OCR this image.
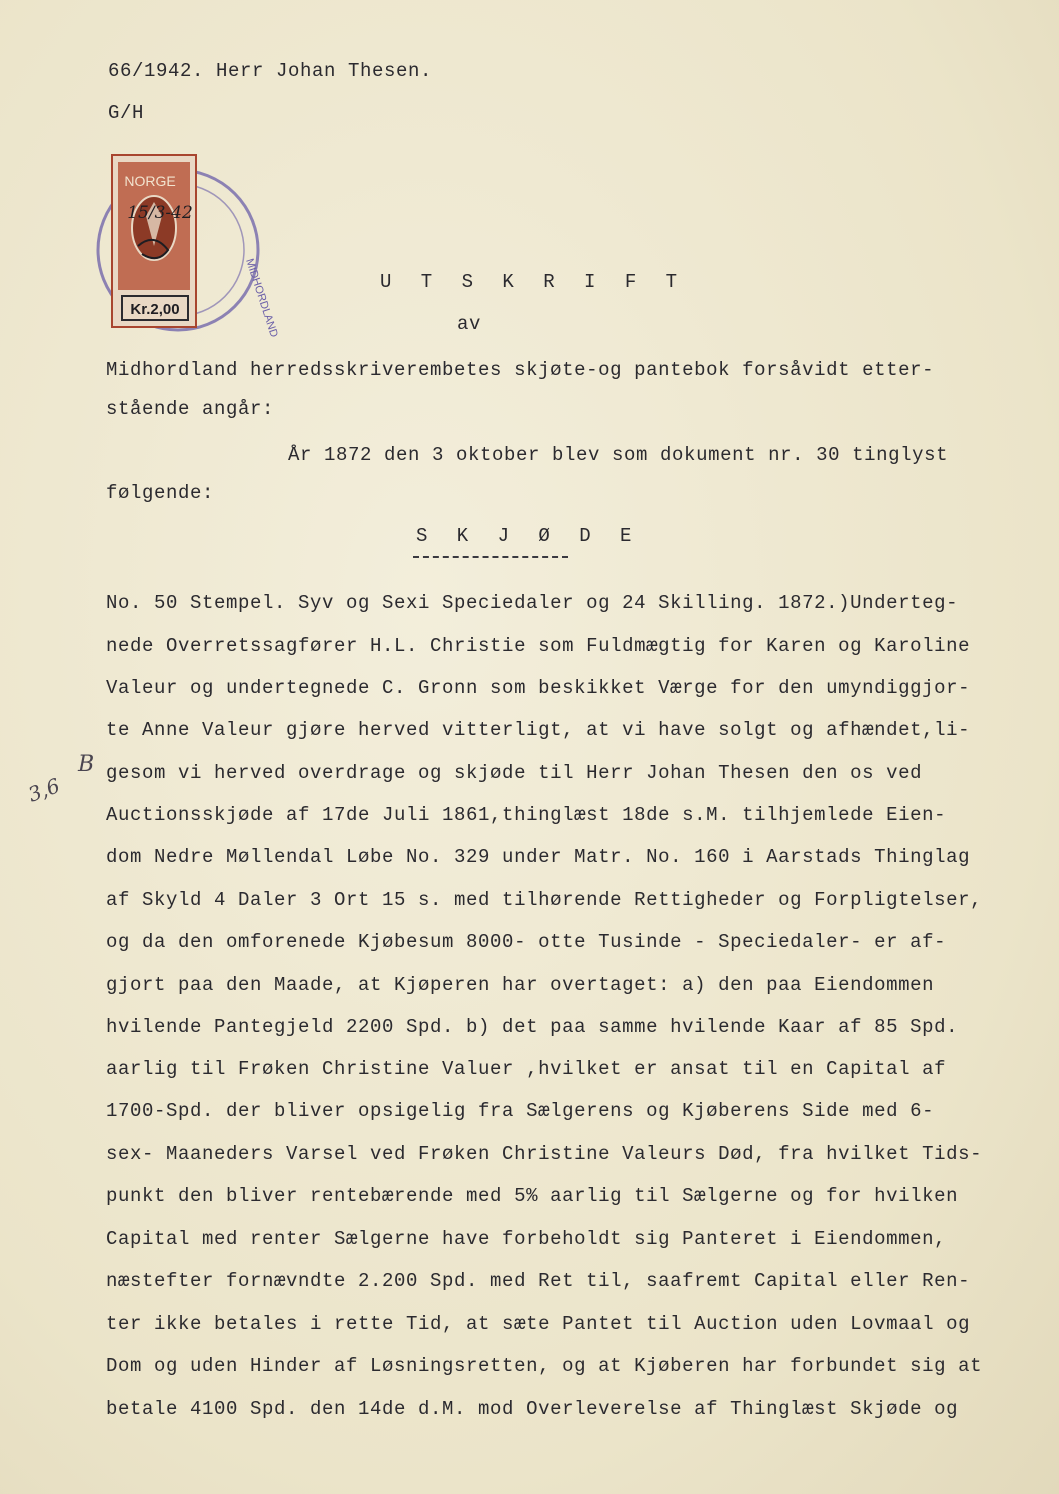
66/1942. Herr Johan Thesen.
G/H
Kr.2,00
NORGE
15/3-42
MIDHORDLAND	U T S K R I F T
av
Midhordland herredsskriverembetes skjøte-og pantebok forsåvidt etter-
stående angår:
År 1872 den 3 oktober blev som dokument nr. 30 tinglyst
følgende:
S K J Ø D E
No. 50 Stempel. Syv og Sexi Speciedaler og 24 Skilling. 1872.)Underteg-
nede Overretssagfører H.L. Christie som Fuldmægtig for Karen og Karoline
Valeur og undertegnede C. Gronn som beskikket Værge for den umyndiggjor-
te Anne Valeur gjøre herved vitterligt, at vi have solgt og afhændet,li-
gesom vi herved overdrage og skjøde til Herr Johan Thesen den os ved
Auctionsskjøde af 17de Juli 1861,thinglæst 18de s.M. tilhjemlede Eien-
dom Nedre Møllendal Løbe No. 329 under Matr. No. 160 i Aarstads Thinglag
af Skyld 4 Daler 3 Ort 15 s. med tilhørende Rettigheder og Forpligtelser,
og da den omforenede Kjøbesum 8000- otte Tusinde - Speciedaler- er af-
gjort paa den Maade, at Kjøperen har overtaget: a) den paa Eiendommen
hvilende Pantegjeld 2200 Spd. b) det paa samme hvilende Kaar af 85 Spd.
aarlig til Frøken Christine Valuer ,hvilket er ansat til en Capital af
1700-Spd. der bliver opsigelig fra Sælgerens og Kjøberens Side med 6-
sex- Maaneders Varsel ved Frøken Christine Valeurs Død, fra hvilket Tids-
punkt den bliver rentebærende med 5% aarlig til Sælgerne og for hvilken
Capital med renter Sælgerne have forbeholdt sig Panteret i Eiendommen,
næstefter fornævndte 2.200 Spd. med Ret til, saafremt Capital eller Ren-
ter ikke betales i rette Tid, at sæte Pantet til Auction uden Lovmaal og
Dom og uden Hinder af Løsningsretten, og at Kjøberen har forbundet sig at
betale 4100 Spd. den 14de d.M. mod Overleverelse af Thinglæst Skjøde og
B
3,6
